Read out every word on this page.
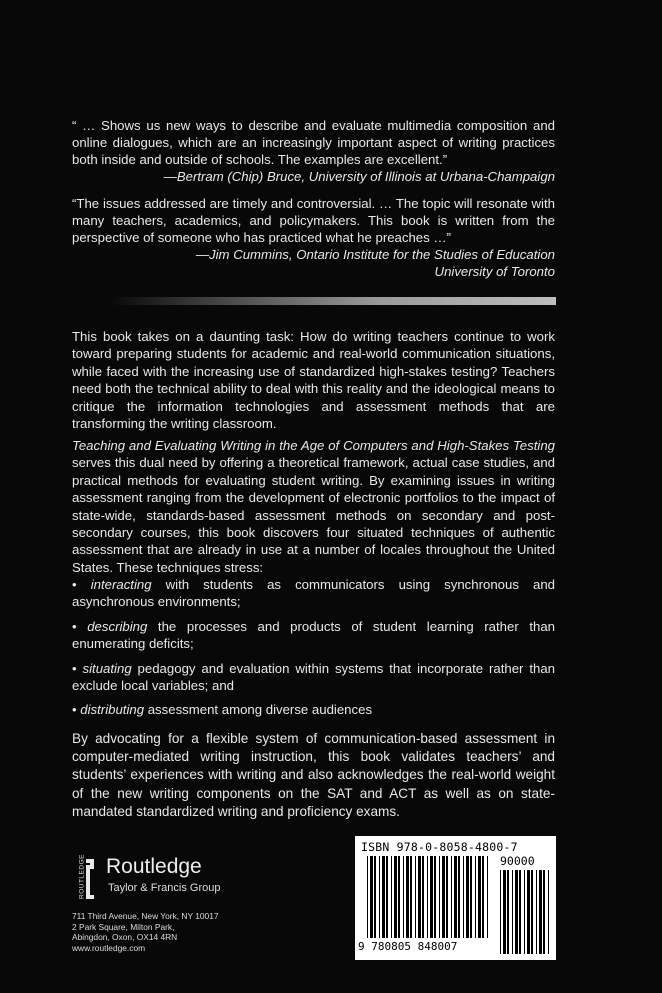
“ … Shows us new ways to describe and evaluate multimedia composition and online dialogues, which are an increasingly important aspect of writing practices both inside and outside of schools. The examples are excellent.”

—Bertram (Chip) Bruce, University of Illinois at Urbana-Champaign

“The issues addressed are timely and controversial. … The topic will resonate with many teachers, academics, and policymakers. This book is written from the perspective of someone who has practiced what he preaches …”

—Jim Cummins, Ontario Institute for the Studies of Education

University of Toronto

This book takes on a daunting task: How do writing teachers continue to work toward preparing students for academic and real-world communication situations, while faced with the increasing use of standardized high-stakes testing? Teachers need both the technical ability to deal with this reality and the ideological means to critique the information technologies and assessment methods that are transforming the writing classroom.

Teaching and Evaluating Writing in the Age of Computers and High-Stakes Testing serves this dual need by offering a theoretical framework, actual case studies, and practical methods for evaluating student writing. By examining issues in writing assessment ranging from the development of electronic portfolios to the impact of state-wide, standards-based assessment methods on secondary and post-secondary courses, this book discovers four situated techniques of authentic assessment that are already in use at a number of locales throughout the United States. These techniques stress:

• interacting with students as communicators using synchronous and asynchronous environments;
• describing the processes and products of student learning rather than enumerating deficits;
• situating pedagogy and evaluation within systems that incorporate rather than exclude local variables; and
• distributing assessment among diverse audiences
By advocating for a flexible system of communication-based assessment in computer-mediated writing instruction, this book validates teachers’ and students’ experiences with writing and also acknowledges the real-world weight of the new writing components on the SAT and ACT as well as on state- mandated standardized writing and proficiency exams.
ROUTLEDGE Routledge
Taylor & Francis Group
711 Third Avenue, New York, NY 10017
2 Park Square, Milton Park,
Abingdon, Oxon, OX14 4RN
www.routledge.com
ISBN 978-0-8058-4800-7
90000
9 780805 848007
